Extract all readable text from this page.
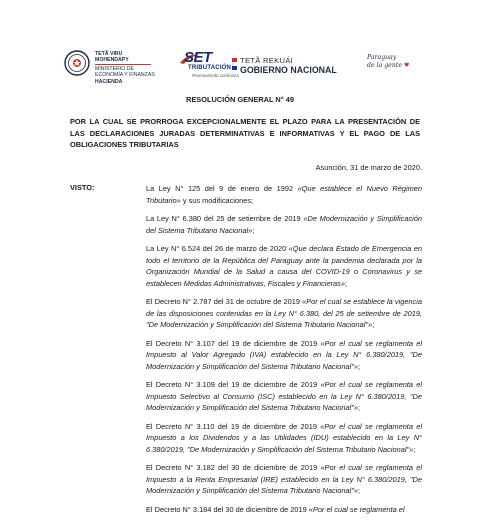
TETÃ VIRU
MOHENDAPY
MINISTERIO DE
ECONOMÍA Y FINANZAS
HACIENDA
SET
TRIBUTACIÓN
Promoviendo confianza
TETÃ REKUÁI
GOBIERNO NACIONAL
Paraguay
de la gente ♥
RESOLUCIÓN GENERAL N° 49
POR LA CUAL SE PRORROGA EXCEPCIONALMENTE EL PLAZO PARA LA PRESENTACIÓN DE LAS DECLARACIONES JURADAS DETERMINATIVAS E INFORMATIVAS Y EL PAGO DE LAS OBLIGACIONES TRIBUTARIAS
Asunción, 31 de marzo de 2020.
VISTO:	La Ley N° 125 del 9 de enero de 1992 «Que establece el Nuevo Régimen Tributario» y sus modificaciones;

La Ley N° 6.380 del 25 de setiembre de 2019 «De Modernización y Simplificación del Sistema Tributario Nacional»;

La Ley N° 6.524 del 26 de marzo de 2020 «Que declara Estado de Emergencia en todo el territorio de la República del Paraguay ante la pandemia declarada por la Organización Mundial de la Salud a causa del COVID-19 o Coronavirus y se establecen Medidas Administrativas, Fiscales y Financieras»;

El Decreto N° 2.787 del 31 de octubre de 2019 «Por el cual se establece la vigencia de las disposiciones contenidas en la Ley N° 6.380, del 25 de setiembre de 2019, "De Modernización y Simplificación del Sistema Tributario Nacional"»;

El Decreto N° 3.107 del 19 de diciembre de 2019 «Por el cual se reglamenta el Impuesto al Valor Agregado (IVA) establecido en la Ley N° 6.380/2019, "De Modernización y Simplificación del Sistema Tributario Nacional"»;

El Decreto N° 3.109 del 19 de diciembre de 2019 «Por el cual se reglamenta el Impuesto Selectivo al Consumo (ISC) establecido en la Ley N° 6.380/2019, "De Modernización y Simplificación del Sistema Tributario Nacional"»;

El Decreto N° 3.110 del 19 de diciembre de 2019 «Por el cual se reglamenta el Impuesto a los Dividendos y a las Utilidades (IDU) establecido en la Ley N° 6.380/2019, "De Modernización y Simplificación del Sistema Tributario Nacional"»;

El Decreto N° 3.182 del 30 de diciembre de 2019 «Por el cual se reglamenta el Impuesto a la Renta Empresarial (IRE) establecido en la Ley N° 6.380/2019, "De Modernización y Simplificación del Sistema Tributario Nacional"»;

El Decreto N° 3.184 del 30 de diciembre de 2019 «Por el cual se reglamenta el
